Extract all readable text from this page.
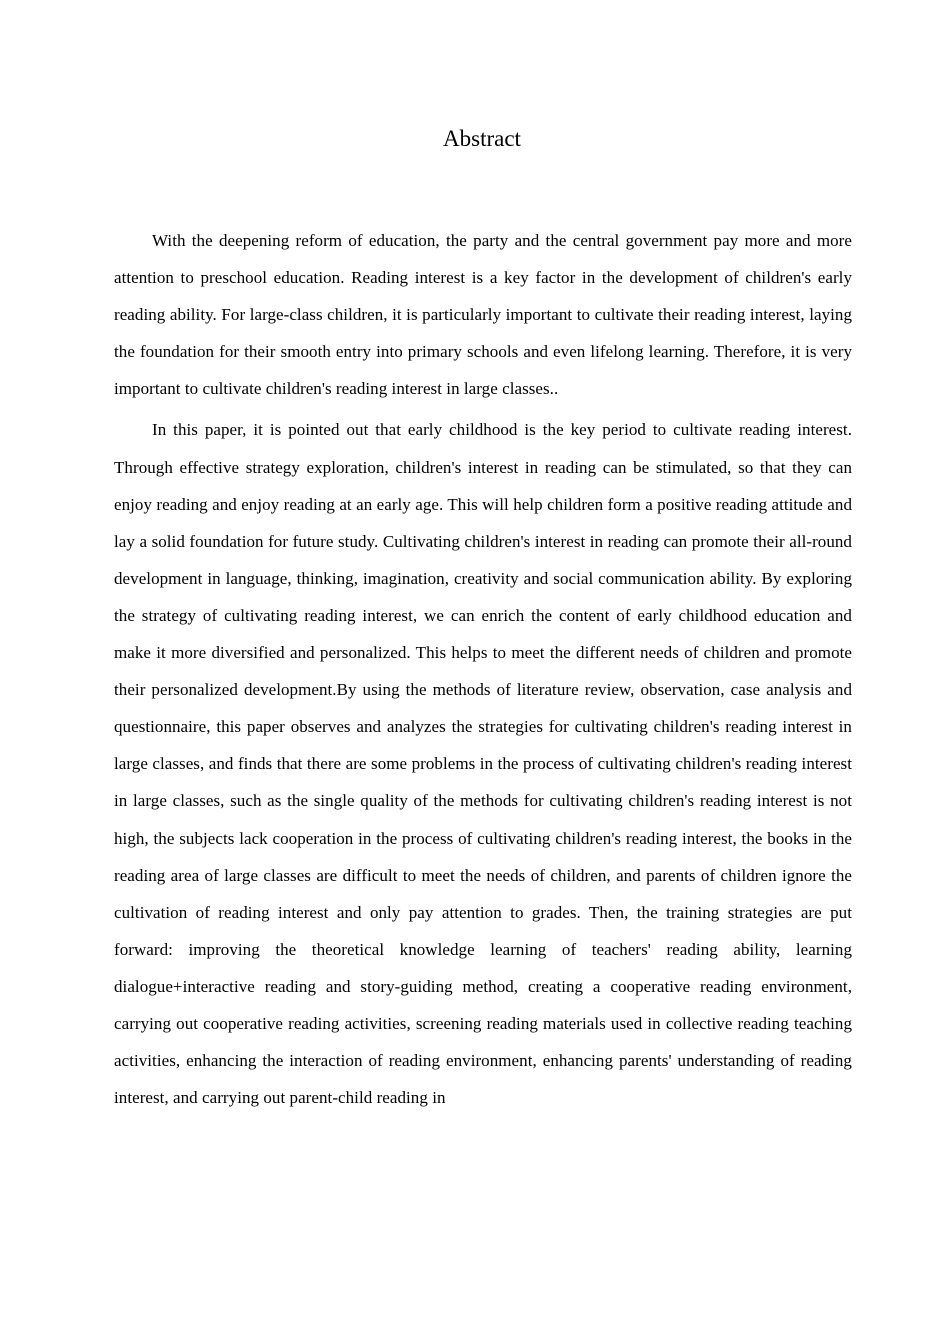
Abstract

With the deepening reform of education, the party and the central government pay more and more attention to preschool education. Reading interest is a key factor in the development of children's early reading ability. For large-class children, it is particularly important to cultivate their reading interest, laying the foundation for their smooth entry into primary schools and even lifelong learning. Therefore, it is very important to cultivate children's reading interest in large classes..

In this paper, it is pointed out that early childhood is the key period to cultivate reading interest. Through effective strategy exploration, children's interest in reading can be stimulated, so that they can enjoy reading and enjoy reading at an early age. This will help children form a positive reading attitude and lay a solid foundation for future study. Cultivating children's interest in reading can promote their all-round development in language, thinking, imagination, creativity and social communication ability. By exploring the strategy of cultivating reading interest, we can enrich the content of early childhood education and make it more diversified and personalized. This helps to meet the different needs of children and promote their personalized development.By using the methods of literature review, observation, case analysis and questionnaire, this paper observes and analyzes the strategies for cultivating children's reading interest in large classes, and finds that there are some problems in the process of cultivating children's reading interest in large classes, such as the single quality of the methods for cultivating children's reading interest is not high, the subjects lack cooperation in the process of cultivating children's reading interest, the books in the reading area of large classes are difficult to meet the needs of children, and parents of children ignore the cultivation of reading interest and only pay attention to grades. Then, the training strategies are put forward: improving the theoretical knowledge learning of teachers' reading ability, learning dialogue+interactive reading and story-guiding method, creating a cooperative reading environment, carrying out cooperative reading activities, screening reading materials used in collective reading teaching activities, enhancing the interaction of reading environment, enhancing parents' understanding of reading interest, and carrying out parent-child reading in
